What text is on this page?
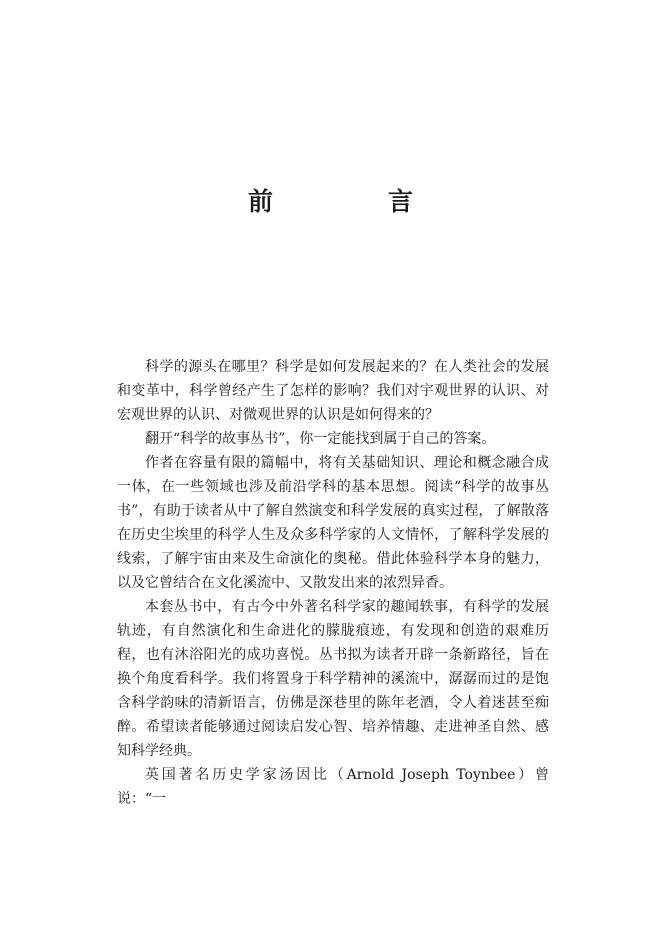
前　言

科学的源头在哪里？科学是如何发展起来的？在人类社会的发展和变革中，科学曾经产生了怎样的影响？我们对宇观世界的认识、对宏观世界的认识、对微观世界的认识是如何得来的？

翻开“科学的故事丛书”，你一定能找到属于自己的答案。

作者在容量有限的篇幅中，将有关基础知识、理论和概念融合成一体，在一些领域也涉及前沿学科的基本思想。阅读“科学的故事丛书”，有助于读者从中了解自然演变和科学发展的真实过程，了解散落在历史尘埃里的科学人生及众多科学家的人文情怀，了解科学发展的线索，了解宇宙由来及生命演化的奥秘。借此体验科学本身的魅力，以及它曾结合在文化溪流中、又散发出来的浓烈异香。

本套丛书中，有古今中外著名科学家的趣闻轶事，有科学的发展轨迹，有自然演化和生命进化的朦胧痕迹，有发现和创造的艰难历程，也有沐浴阳光的成功喜悦。丛书拟为读者开辟一条新路径，旨在换个角度看科学。我们将置身于科学精神的溪流中，潺潺而过的是饱含科学韵味的清新语言，仿佛是深巷里的陈年老酒，令人着迷甚至痴醉。希望读者能够通过阅读启发心智、培养情趣、走进神圣自然、感知科学经典。

英国著名历史学家汤因比（Arnold Joseph Toynbee）曾说：“一
